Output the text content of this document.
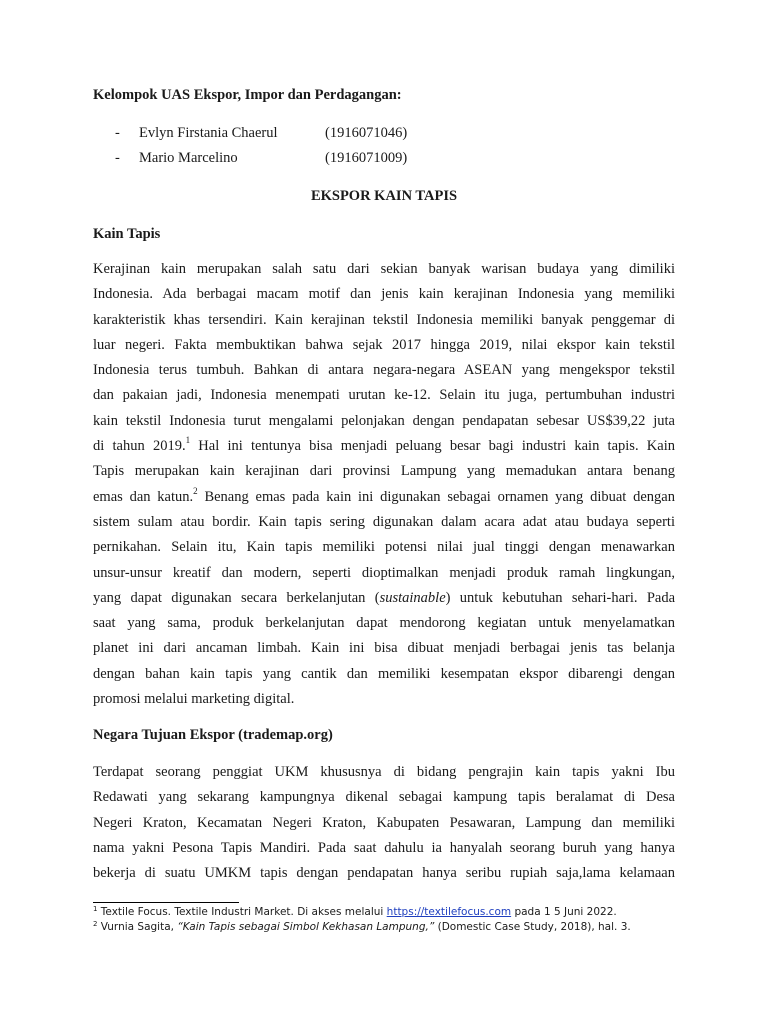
Kelompok UAS Ekspor, Impor dan Perdagangan:
- Evlyn Firstania Chaerul	(1916071046)
- Mario Marcelino	(1916071009)
EKSPOR KAIN TAPIS
Kain Tapis
Kerajinan kain merupakan salah satu dari sekian banyak warisan budaya yang dimiliki
Indonesia. Ada berbagai macam motif dan jenis kain kerajinan Indonesia yang memiliki
karakteristik khas tersendiri. Kain kerajinan tekstil Indonesia memiliki banyak penggemar di
luar negeri. Fakta membuktikan bahwa sejak 2017 hingga 2019, nilai ekspor kain tekstil
Indonesia terus tumbuh. Bahkan di antara negara-negara ASEAN yang mengekspor tekstil
dan pakaian jadi, Indonesia menempati urutan ke-12. Selain itu juga, pertumbuhan industri
kain tekstil Indonesia turut mengalami pelonjakan dengan pendapatan sebesar US$39,22 juta
di tahun 2019.$^1$ Hal ini tentunya bisa menjadi peluang besar bagi industri kain tapis. Kain
Tapis merupakan kain kerajinan dari provinsi Lampung yang memadukan antara benang
emas dan katun.$^2$ Benang emas pada kain ini digunakan sebagai ornamen yang dibuat dengan
sistem sulam atau bordir. Kain tapis sering digunakan dalam acara adat atau budaya seperti
pernikahan. Selain itu, Kain tapis memiliki potensi nilai jual tinggi dengan menawarkan
unsur-unsur kreatif dan modern, seperti dioptimalkan menjadi produk ramah lingkungan,
yang dapat digunakan secara berkelanjutan (sustainable) untuk kebutuhan sehari-hari. Pada
saat yang sama, produk berkelanjutan dapat mendorong kegiatan untuk menyelamatkan
planet ini dari ancaman limbah. Kain ini bisa dibuat menjadi berbagai jenis tas belanja
dengan bahan kain tapis yang cantik dan memiliki kesempatan ekspor dibarengi dengan
promosi melalui marketing digital.
Negara Tujuan Ekspor (trademap.org)
Terdapat seorang penggiat UKM khususnya di bidang pengrajin kain tapis yakni Ibu
Redawati yang sekarang kampungnya dikenal sebagai kampung tapis beralamat di Desa
Negeri Kraton, Kecamatan Negeri Kraton, Kabupaten Pesawaran, Lampung dan memiliki
nama yakni Pesona Tapis Mandiri. Pada saat dahulu ia hanyalah seorang buruh yang hanya
bekerja di suatu UMKM tapis dengan pendapatan hanya seribu rupiah saja,lama kelamaan
$^1$ Textile Focus. Textile Industri Market. Di akses melalui https://textilefocus.com pada 1 5 Juni 2022.
$^2$ Vurnia Sagita, “Kain Tapis sebagai Simbol Kekhasan Lampung,” (Domestic Case Study, 2018), hal. 3.
